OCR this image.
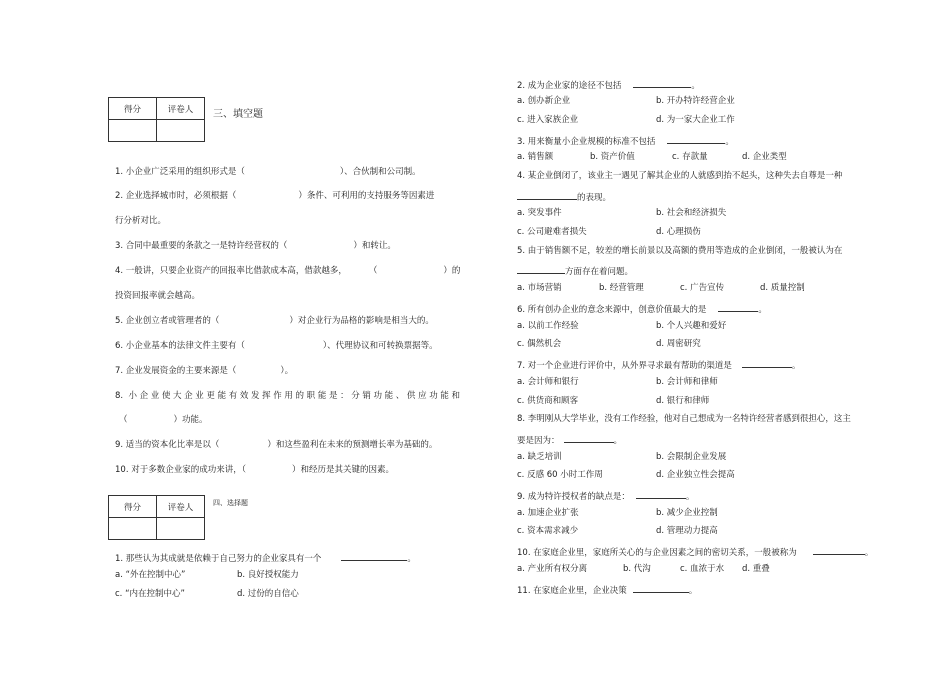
得分	评卷人
	三、填空题
1. 小企业广泛采用的组织形式是（	）、合伙制和公司制。
2. 企业选择城市时，必须根据（	）条件、可利用的支持服务等因素进
行分析对比。
3. 合同中最重要的条款之一是特许经营权的（	）和转让。
4. 一般讲，只要企业资产的回报率比借款成本高，借款越多，	（	）的
投资回报率就会越高。
5. 企业创立者或管理者的（	）对企业行为品格的影响是相当大的。
6. 小企业基本的法律文件主要有（	）、代理协议和可转换票据等。
7. 企业发展资金的主要来源是（	）。
8. 小企业使大企业更能有效发挥作用的职能是：分销功能、供应功能和
（	）功能。
9. 适当的资本化比率是以（	）和这些盈利在未来的预测增长率为基础的。
10. 对于多数企业家的成功来讲，（	）和经历是其关键的因素。
得分	评卷人
		四、选择题
1. 那些认为其成就是依赖于自己努力的企业家具有一个	。
a. “外在控制中心”	b. 良好授权能力
c. “内在控制中心”	d. 过份的自信心
2. 成为企业家的途径不包括	。
a. 创办新企业	b. 开办特许经营企业
c. 进入家族企业	d. 为一家大企业工作
3. 用来衡量小企业规模的标准不包括	。
a. 销售额	b. 资产价值	c. 存款量	d. 企业类型
4. 某企业倒闭了，该业主一遇见了解其企业的人就感到抬不起头，这种失去自尊是一种
的表现。
a. 突发事件	b. 社会和经济损失
c. 公司避难者损失	d. 心理损伤
5. 由于销售额不足，较差的增长前景以及高额的费用等造成的企业倒闭，一般被认为在
方面存在着问题。
a. 市场营销	b. 经营管理	c. 广告宣传	d. 质量控制
6. 所有创办企业的意念来源中，创意价值最大的是	。
a. 以前工作经验	b. 个人兴趣和爱好
c. 偶然机会	d. 周密研究
7. 对一个企业进行评价中，从外界寻求最有帮助的渠道是	。
a. 会计师和银行	b. 会计师和律师
c. 供货商和顾客	d. 银行和律师
8. 李明刚从大学毕业，没有工作经验，他对自己想成为一名特许经营者感到很担心，这主
要是因为：	。
a. 缺乏培训	b. 会限制企业发展
c. 反感 60 小时工作周	d. 企业独立性会提高
9. 成为特许授权者的缺点是：	。
a. 加速企业扩张	b. 减少企业控制
c. 资本需求减少	d. 管理动力提高
10. 在家庭企业里，家庭所关心的与企业因素之间的密切关系，一般被称为	。
a. 产业所有权分离	b. 代沟	c. 血浓于水 d. 重叠
11. 在家庭企业里，企业决策	。
